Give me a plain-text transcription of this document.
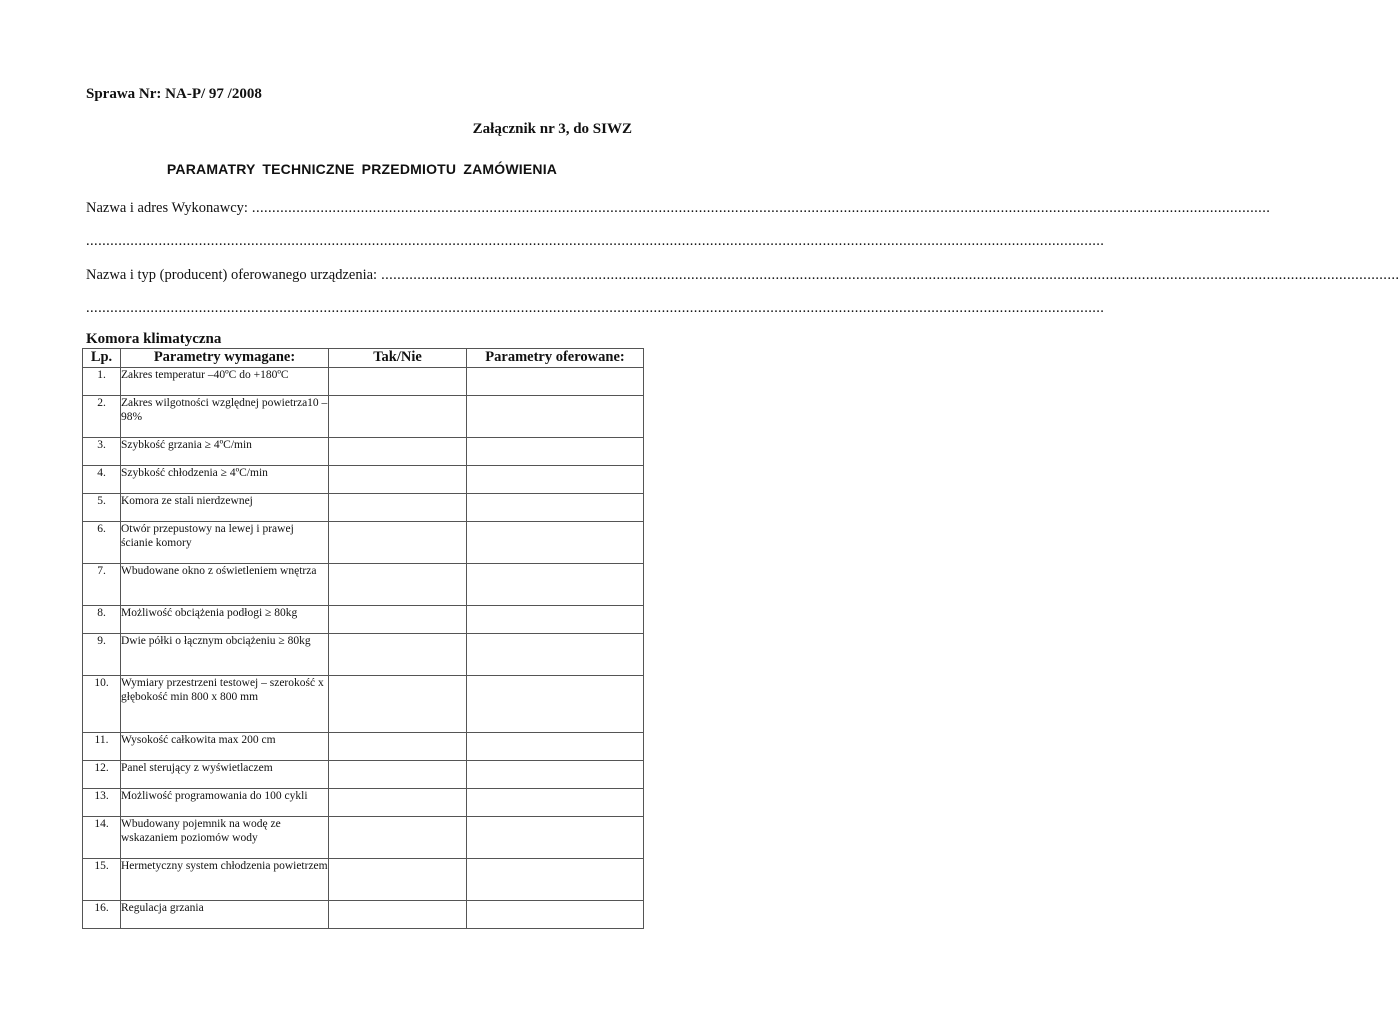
Sprawa Nr: NA-P/ 97 /2008
Załącznik nr 3, do SIWZ
PARAMATRY TECHNICZNE PRZEDMIOTU ZAMÓWIENIA
Nazwa i adres Wykonawcy: .............................................................................................................................................................................................................................................................
.............................................................................................................................................................................................................................................................
Nazwa i typ (producent) oferowanego urządzenia: .............................................................................................................................................................................................................................................................
.............................................................................................................................................................................................................................................................
Komora klimatyczna
Lp.	Parametry wymagane:	Tak/Nie	Parametry oferowane:
1.	Zakres temperatur –40ºC do +180ºC		
2.	Zakres wilgotności względnej powietrza10 – 98%		
3.	Szybkość grzania ≥ 4ºC/min		
4.	Szybkość chłodzenia ≥ 4ºC/min		
5.	Komora ze stali nierdzewnej		
6.	Otwór przepustowy na lewej i prawej ścianie komory		
7.	Wbudowane okno z oświetleniem wnętrza		
8.	Możliwość obciążenia podłogi ≥ 80kg		
9.	Dwie półki o łącznym obciążeniu ≥ 80kg		
10.	Wymiary przestrzeni testowej – szerokość x głębokość min 800 x 800 mm		
11.	Wysokość całkowita max 200 cm		
12.	Panel sterujący z wyświetlaczem		
13.	Możliwość programowania do 100 cykli		
14.	Wbudowany pojemnik na wodę ze wskazaniem poziomów wody		
15.	Hermetyczny system chłodzenia powietrzem		
16.	Regulacja grzania		
